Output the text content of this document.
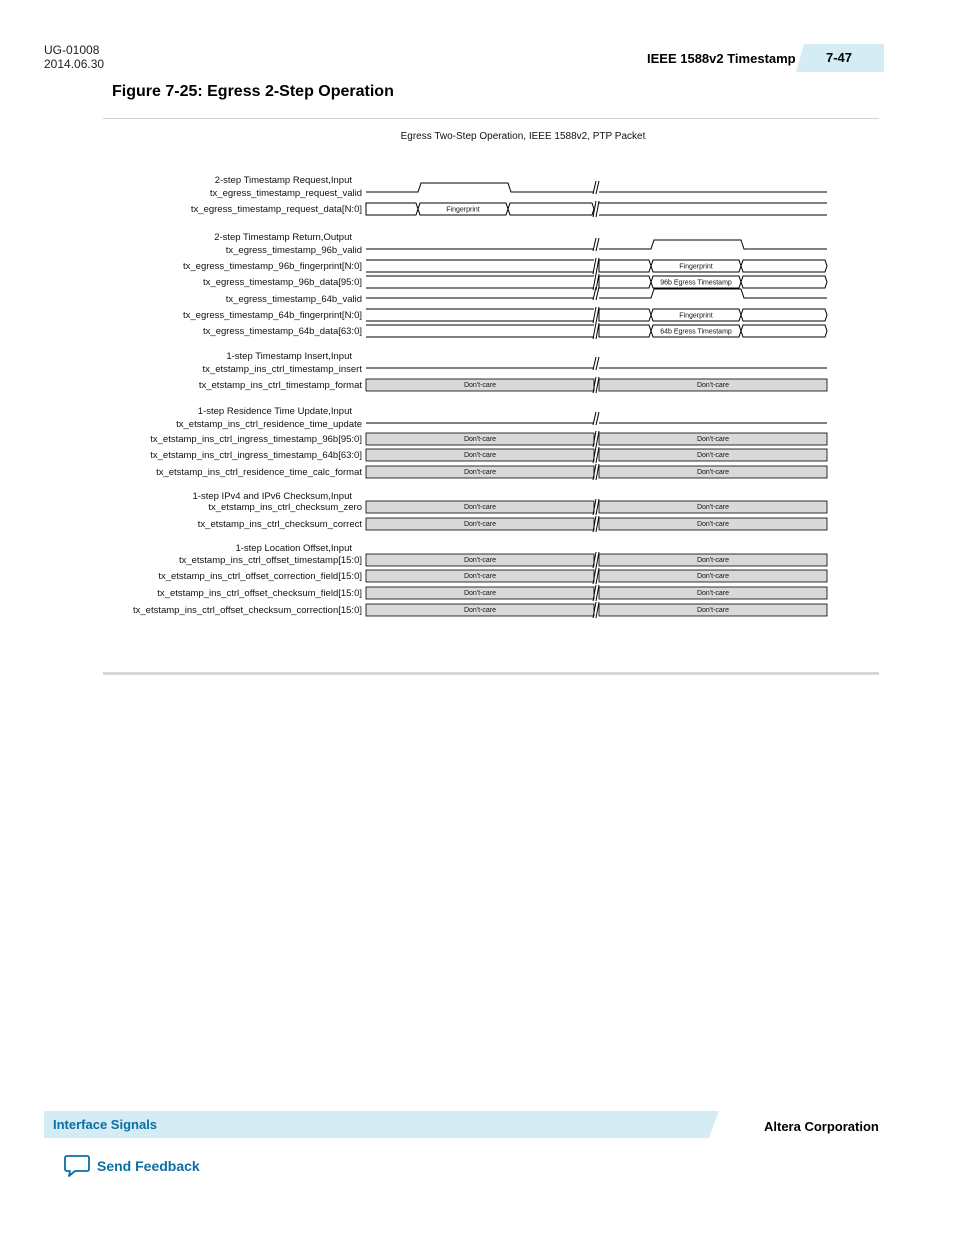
UG-01008
2014.06.30	IEEE 1588v2 Timestamp 7-47
Figure 7-25: Egress 2-Step Operation
Egress Two-Step Operation, IEEE 1588v2, PTP Packet
2-step Timestamp Request,Input
2-step Timestamp Return,Output
1-step Timestamp Insert,Input
1-step Residence Time Update,Input
1-step IPv4 and IPv6 Checksum,Input
1-step Location Offset,Input
tx_egress_timestamp_request_valid
tx_egress_timestamp_request_data[N:0]	Fingerprint
tx_egress_timestamp_96b_valid
tx_egress_timestamp_96b_fingerprint[N:0]	Fingerprint
tx_egress_timestamp_96b_data[95:0]	96b Egress Timestamp
tx_egress_timestamp_64b_valid
tx_egress_timestamp_64b_fingerprint[N:0]	Fingerprint
tx_egress_timestamp_64b_data[63:0]	64b Egress Timestamp
tx_etstamp_ins_ctrl_timestamp_insert
tx_etstamp_ins_ctrl_timestamp_format	Don't-care	Don't-care
tx_etstamp_ins_ctrl_residence_time_update
tx_etstamp_ins_ctrl_ingress_timestamp_96b[95:0]	Don't-care	Don't-care
tx_etstamp_ins_ctrl_ingress_timestamp_64b[63:0]	Don't-care	Don't-care
tx_etstamp_ins_ctrl_residence_time_calc_format	Don't-care	Don't-care
tx_etstamp_ins_ctrl_checksum_zero	Don't-care	Don't-care
tx_etstamp_ins_ctrl_checksum_correct	Don't-care	Don't-care
tx_etstamp_ins_ctrl_offset_timestamp[15:0]	Don't-care	Don't-care
tx_etstamp_ins_ctrl_offset_correction_field[15:0]	Don't-care	Don't-care
tx_etstamp_ins_ctrl_offset_checksum_field[15:0]	Don't-care	Don't-care
tx_etstamp_ins_ctrl_offset_checksum_correction[15:0]	Don't-care	Don't-care
Interface Signals	Altera Corporation
Send Feedback
